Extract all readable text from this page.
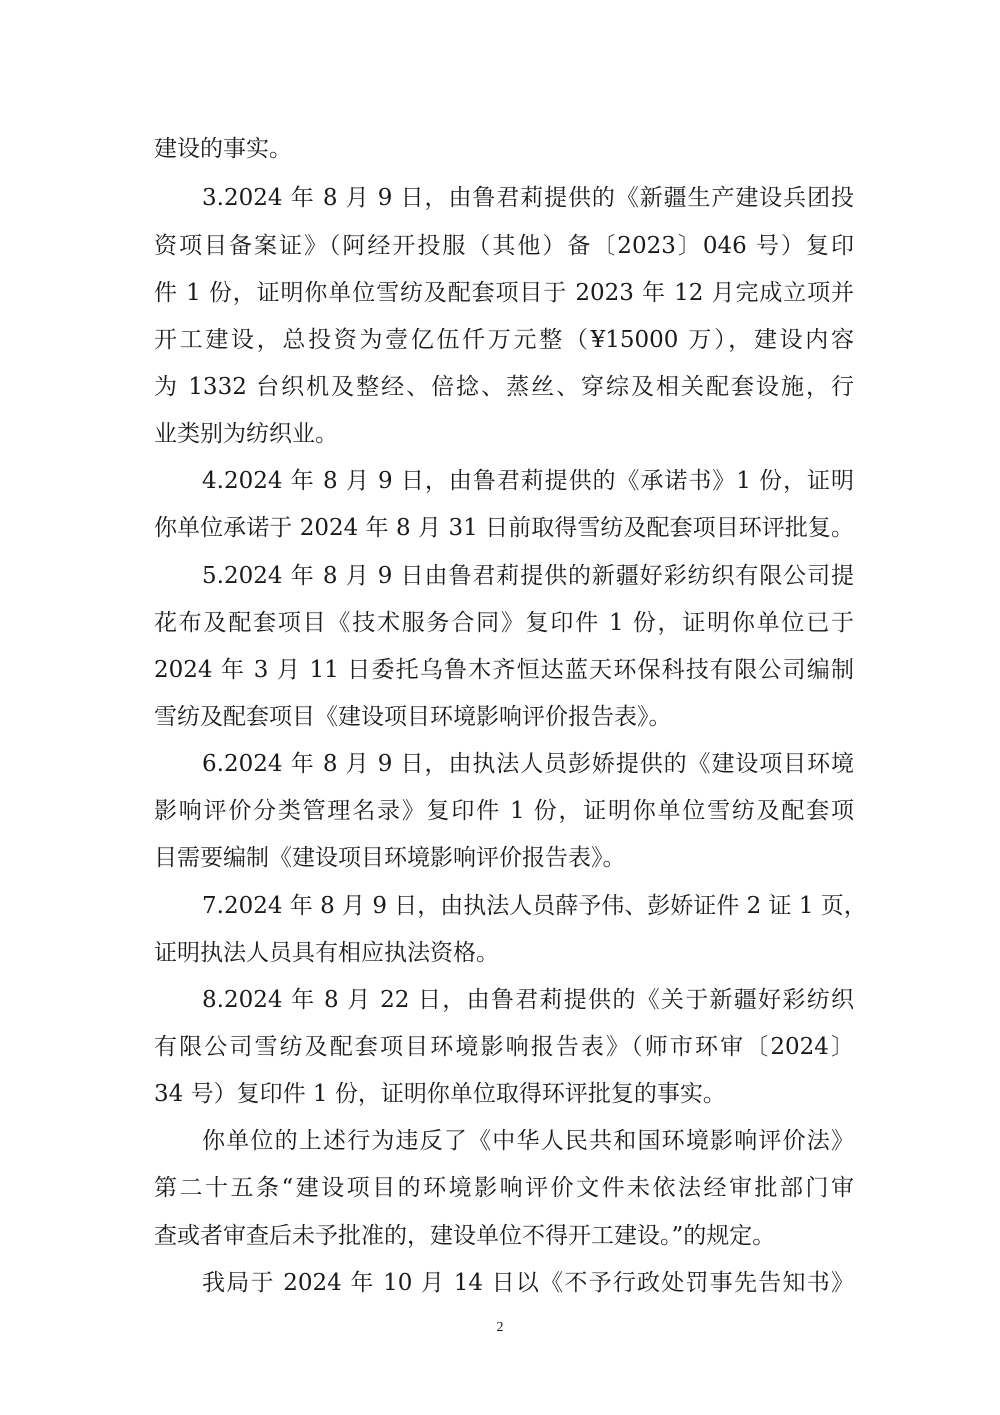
建设的事实。
3.2024 年 8 月 9 日，由鲁君莉提供的《新疆生产建设兵团投
资项目备案证》（阿经开投服（其他）备〔2023〕046 号）复印
件 1 份，证明你单位雪纺及配套项目于 2023 年 12 月完成立项并
开工建设，总投资为壹亿伍仟万元整（¥15000 万），建设内容
为 1332 台织机及整经、倍捻、蒸丝、穿综及相关配套设施，行
业类别为纺织业。
4.2024 年 8 月 9 日，由鲁君莉提供的《承诺书》1 份，证明
你单位承诺于 2024 年 8 月 31 日前取得雪纺及配套项目环评批复。
5.2024 年 8 月 9 日由鲁君莉提供的新疆好彩纺织有限公司提
花布及配套项目《技术服务合同》复印件 1 份，证明你单位已于
2024 年 3 月 11 日委托乌鲁木齐恒达蓝天环保科技有限公司编制
雪纺及配套项目《建设项目环境影响评价报告表》。
6.2024 年 8 月 9 日，由执法人员彭娇提供的《建设项目环境
影响评价分类管理名录》复印件 1 份，证明你单位雪纺及配套项
目需要编制《建设项目环境影响评价报告表》。
7.2024 年 8 月 9 日，由执法人员薛予伟、彭娇证件 2 证 1 页，
证明执法人员具有相应执法资格。
8.2024 年 8 月 22 日，由鲁君莉提供的《关于新疆好彩纺织
有限公司雪纺及配套项目环境影响报告表》（师市环审〔2024〕
34 号）复印件 1 份，证明你单位取得环评批复的事实。
你单位的上述行为违反了《中华人民共和国环境影响评价法》
第二十五条“建设项目的环境影响评价文件未依法经审批部门审
查或者审查后未予批准的，建设单位不得开工建设。”的规定。
我局于 2024 年 10 月 14 日以《不予行政处罚事先告知书》
2
